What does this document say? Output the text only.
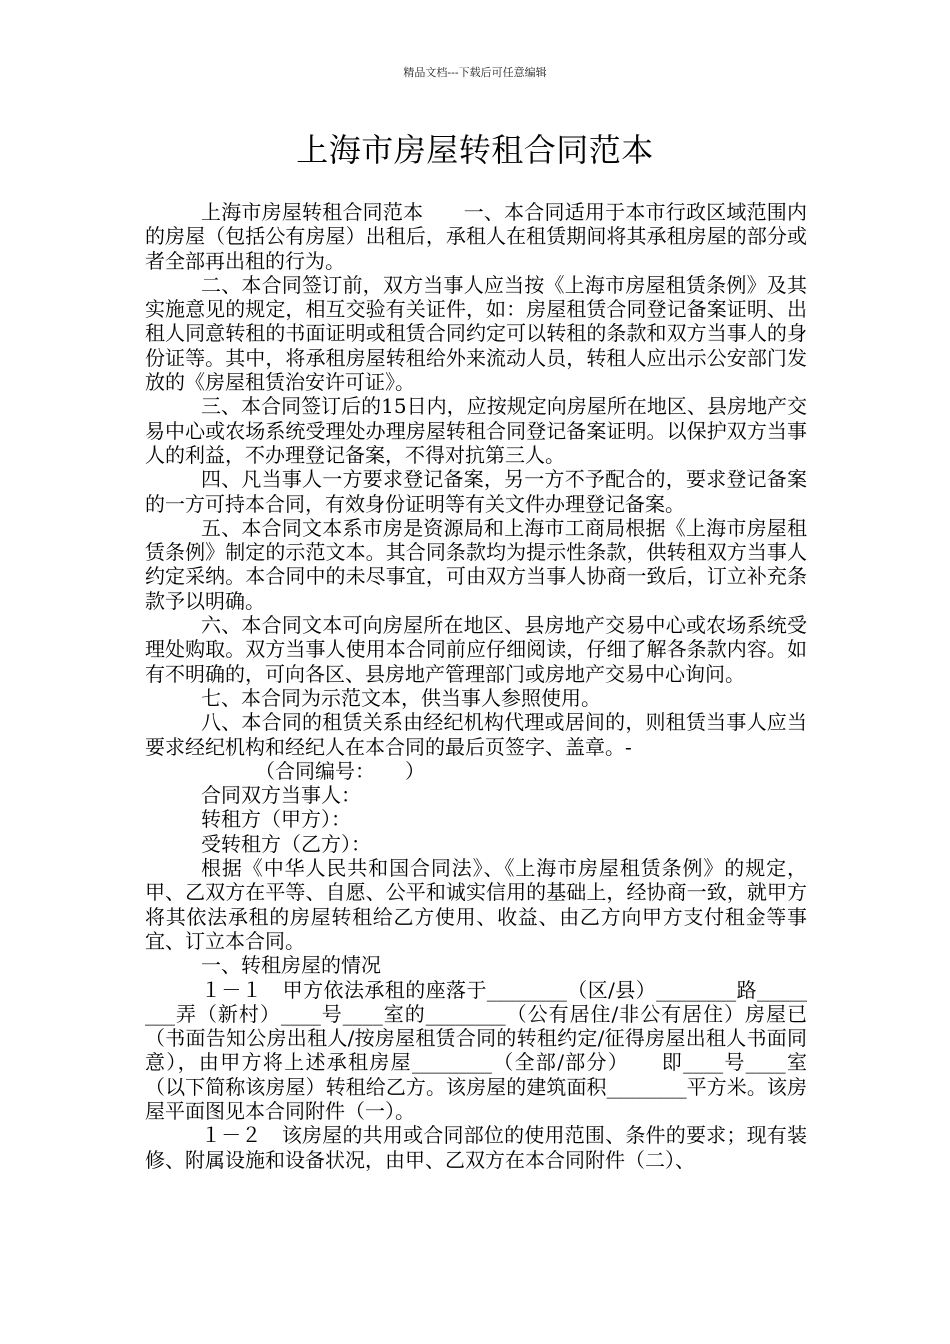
精品文档---下载后可任意编辑
上海市房屋转租合同范本

上海市房屋转租合同范本　　一、本合同适用于本市行政区域范围内的房屋（包括公有房屋）出租后，承租人在租赁期间将其承租房屋的部分或者全部再出租的行为。

二、本合同签订前，双方当事人应当按《上海市房屋租赁条例》及其实施意见的规定，相互交验有关证件，如：房屋租赁合同登记备案证明、出租人同意转租的书面证明或租赁合同约定可以转租的条款和双方当事人的身份证等。其中，将承租房屋转租给外来流动人员，转租人应出示公安部门发放的《房屋租赁治安许可证》。

三、本合同签订后的15日内，应按规定向房屋所在地区、县房地产交易中心或农场系统受理处办理房屋转租合同登记备案证明。以保护双方当事人的利益，不办理登记备案，不得对抗第三人。

四、凡当事人一方要求登记备案，另一方不予配合的，要求登记备案的一方可持本合同，有效身份证明等有关文件办理登记备案。

五、本合同文本系市房是资源局和上海市工商局根据《上海市房屋租赁条例》制定的示范文本。其合同条款均为提示性条款，供转租双方当事人约定采纳。本合同中的未尽事宜，可由双方当事人协商一致后，订立补充条款予以明确。

六、本合同文本可向房屋所在地区、县房地产交易中心或农场系统受理处购取。双方当事人使用本合同前应仔细阅读，仔细了解各条款内容。如有不明确的，可向各区、县房地产管理部门或房地产交易中心询问。

七、本合同为示范文本，供当事人参照使用。

八、本合同的租赁关系由经纪机构代理或居间的，则租赁当事人应当要求经纪机构和经纪人在本合同的最后页签字、盖章。-

（合同编号：　　）

合同双方当事人：

转租方（甲方）：

受转租方（乙方）：

根据《中华人民共和国合同法》、《上海市房屋租赁条例》的规定，甲、乙双方在平等、自愿、公平和诚实信用的基础上，经协商一致，就甲方将其依法承租的房屋转租给乙方使用、收益、由乙方向甲方支付租金等事宜、订立本合同。

一、转租房屋的情况

１－１　甲方依法承租的座落于________（区/县）________路________弄（新村）____号____室的________（公有居住/非公有居住）房屋已（书面告知公房出租人/按房屋租赁合同的转租约定/征得房屋出租人书面同意），由甲方将上述承租房屋________（全部/部分）　　即____号____室（以下简称该房屋）转租给乙方。该房屋的建筑面积________平方米。该房屋平面图见本合同附件（一）。

１－２　该房屋的共用或合同部位的使用范围、条件的要求；现有装修、附属设施和设备状况，由甲、乙双方在本合同附件（二）、
